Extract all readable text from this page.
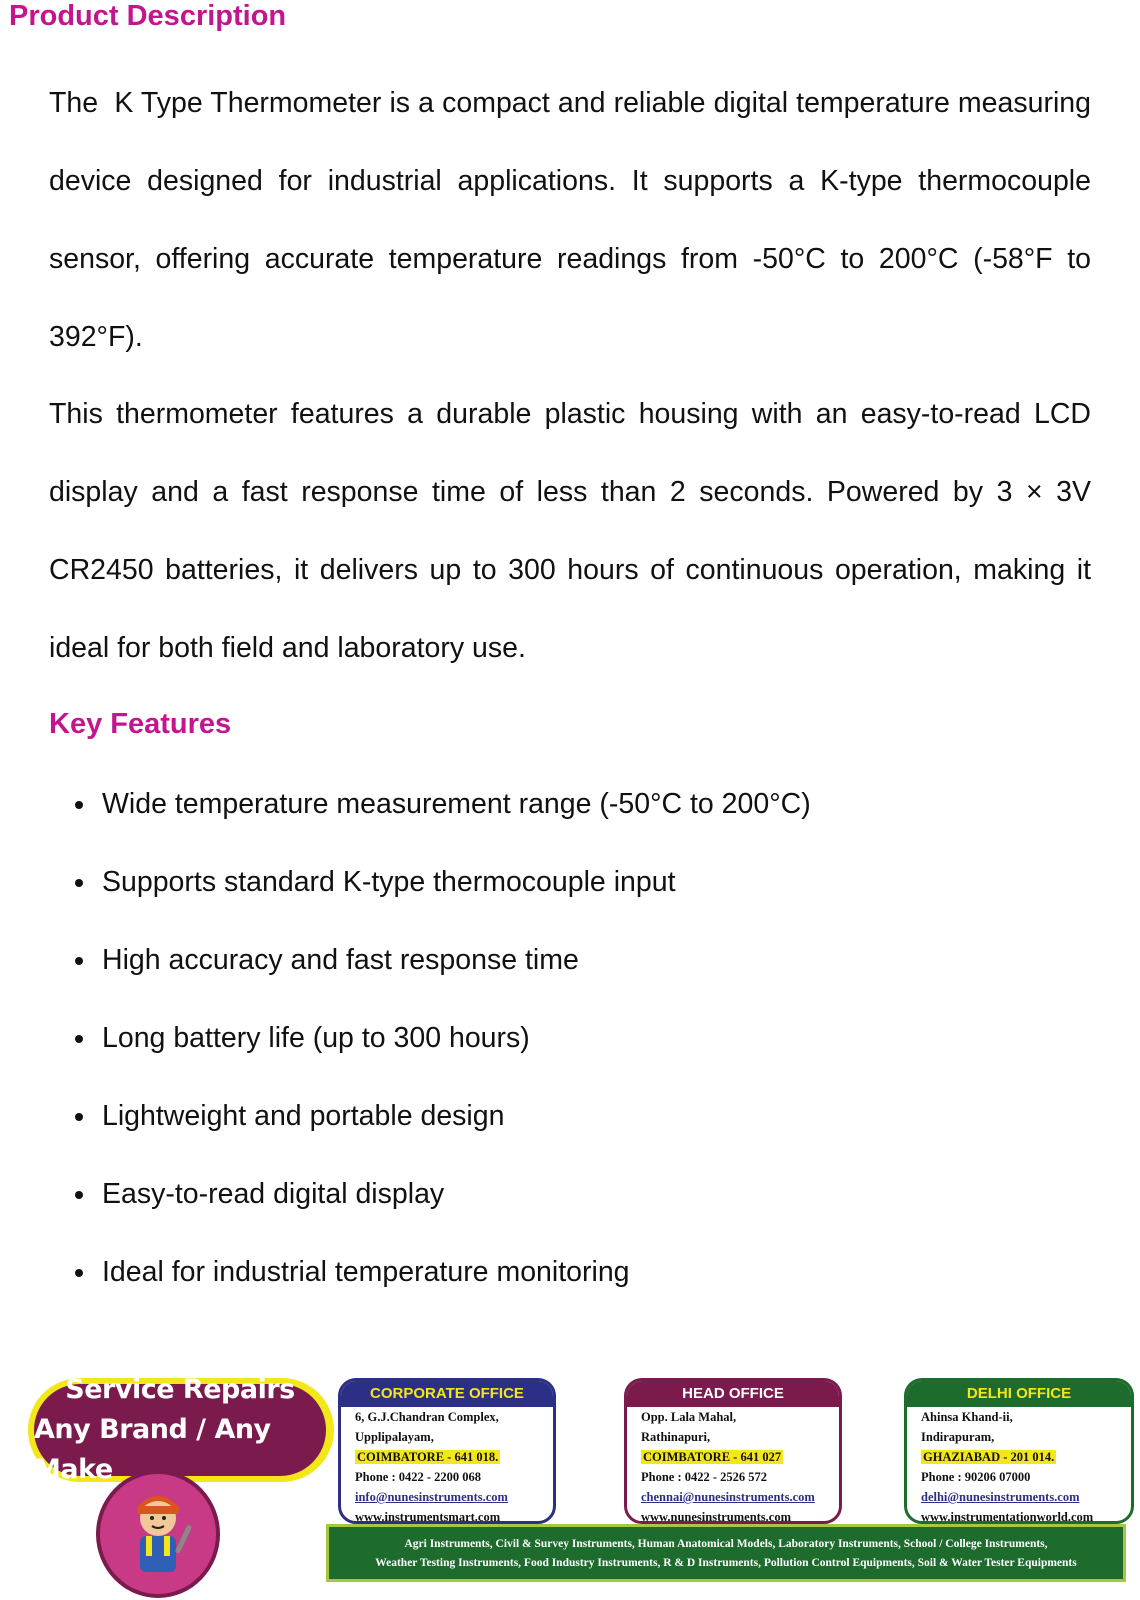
Product Description

The  K Type Thermometer is a compact and reliable digital temperature measuring device designed for industrial applications. It supports a K-type thermocouple sensor, offering accurate temperature readings from -50°C to 200°C (-58°F to 392°F).

This thermometer features a durable plastic housing with an easy-to-read LCD display and a fast response time of less than 2 seconds. Powered by 3 × 3V CR2450 batteries, it delivers up to 300 hours of continuous operation, making it ideal for both field and laboratory use.

Key Features
Wide temperature measurement range (-50°C to 200°C)
Supports standard K-type thermocouple input
High accuracy and fast response time
Long battery life (up to 300 hours)
Lightweight and portable design
Easy-to-read digital display
Ideal for industrial temperature monitoring
Service Repairs
Any Brand / Any Make
CORPORATE OFFICE
6, G.J.Chandran Complex,
Upplipalayam,
COIMBATORE - 641 018.
Phone : 0422 - 2200 068
info@nunesinstruments.com
www.instrumentsmart.com
HEAD OFFICE
Opp. Lala Mahal,
Rathinapuri,
COIMBATORE - 641 027
Phone : 0422 - 2526 572
chennai@nunesinstruments.com
www.nunesinstruments.com
DELHI OFFICE
Ahinsa Khand-ii,
Indirapuram,
GHAZIABAD - 201 014.
Phone : 90206 07000
delhi@nunesinstruments.com
www.instrumentationworld.com
Agri Instruments, Civil & Survey Instruments, Human Anatomical Models, Laboratory Instruments, School / College Instruments,
Weather Testing Instruments, Food Industry Instruments, R & D Instruments, Pollution Control Equipments, Soil & Water Tester Equipments
